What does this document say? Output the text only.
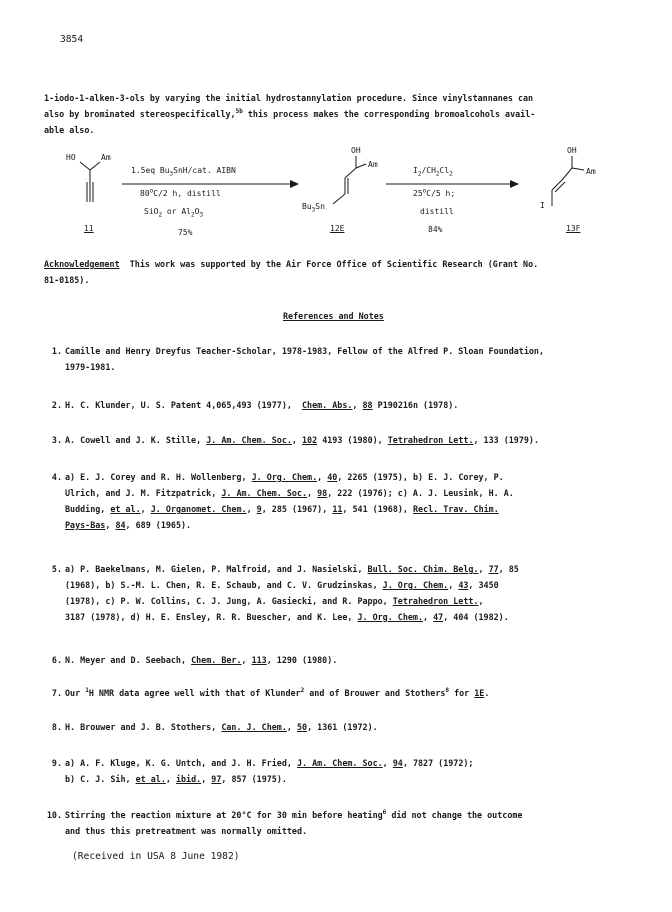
3854
1-iodo-1-alken-3-ols by varying the initial hydrostannylation procedure. Since vinylstannanes can
also by brominated stereospecifically,$^{5b}$ this process makes the corresponding bromoalcohols avail-
able also.
HO	Am
11
1.5eq $Bu_3SnH$/cat. AIBN
80$^o$C/2 h, distill
SiO$_2$ or $Al_2O_3$
75%
OH
Am
$Bu_3Sn$
12E
$I_2/CH_2Cl_2$
25$^o$C/5 h;
distill
84%
OH
Am
I
13F
Acknowledgement This work was supported by the Air Force Office of Scientific Research (Grant No.
81-0185).
References and Notes
1. Camille and Henry Dreyfus Teacher-Scholar, 1978-1983, Fellow of the Alfred P. Sloan Foundation,
1979-1981.
2. H. C. Klunder, U. S. Patent 4,065,493 (1977), Chem. Abs., 88 P190216n (1978).
3. A. Cowell and J. K. Stille, J. Am. Chem. Soc., 102 4193 (1980), Tetrahedron Lett., 133 (1979).
4. a) E. J. Corey and R. H. Wollenberg, J. Org. Chem., 40, 2265 (1975), b) E. J. Corey, P.
Ulrich, and J. M. Fitzpatrick, J. Am. Chem. Soc., 98, 222 (1976); c) A. J. Leusink, H. A.
Budding, et al., J. Organomet. Chem., 9, 285 (1967), 11, 541 (1968), Recl. Trav. Chim.
Pays-Bas, 84, 689 (1965).
5. a) P. Baekelmans, M. Gielen, P. Malfroid, and J. Nasielski, Bull. Soc. Chim. Belg., 77, 85
(1968), b) S.-M. L. Chen, R. E. Schaub, and C. V. Grudzinskas, J. Org. Chem., 43, 3450
(1978), c) P. W. Collins, C. J. Jung, A. Gasiecki, and R. Pappo, Tetrahedron Lett.,
3187 (1978), d) H. E. Ensley, R. R. Buescher, and K. Lee, J. Org. Chem., 47, 404 (1982).
6. N. Meyer and D. Seebach, Chem. Ber., 113, 1290 (1980).
7. Our $^1$H NMR data agree well with that of Klunder$^2$ and of Brouwer and Stothers$^8$ for 1E.
8. H. Brouwer and J. B. Stothers, Can. J. Chem., 50, 1361 (1972).
9. a) A. F. Kluge, K. G. Untch, and J. H. Fried, J. Am. Chem. Soc., 94, 7827 (1972);
b) C. J. Sih, et al., ibid., 97, 857 (1975).
10. Stirring the reaction mixture at 20°C for 30 min before heating$^6$ did not change the outcome
and thus this pretreatment was normally omitted.
(Received in USA 8 June 1982)
